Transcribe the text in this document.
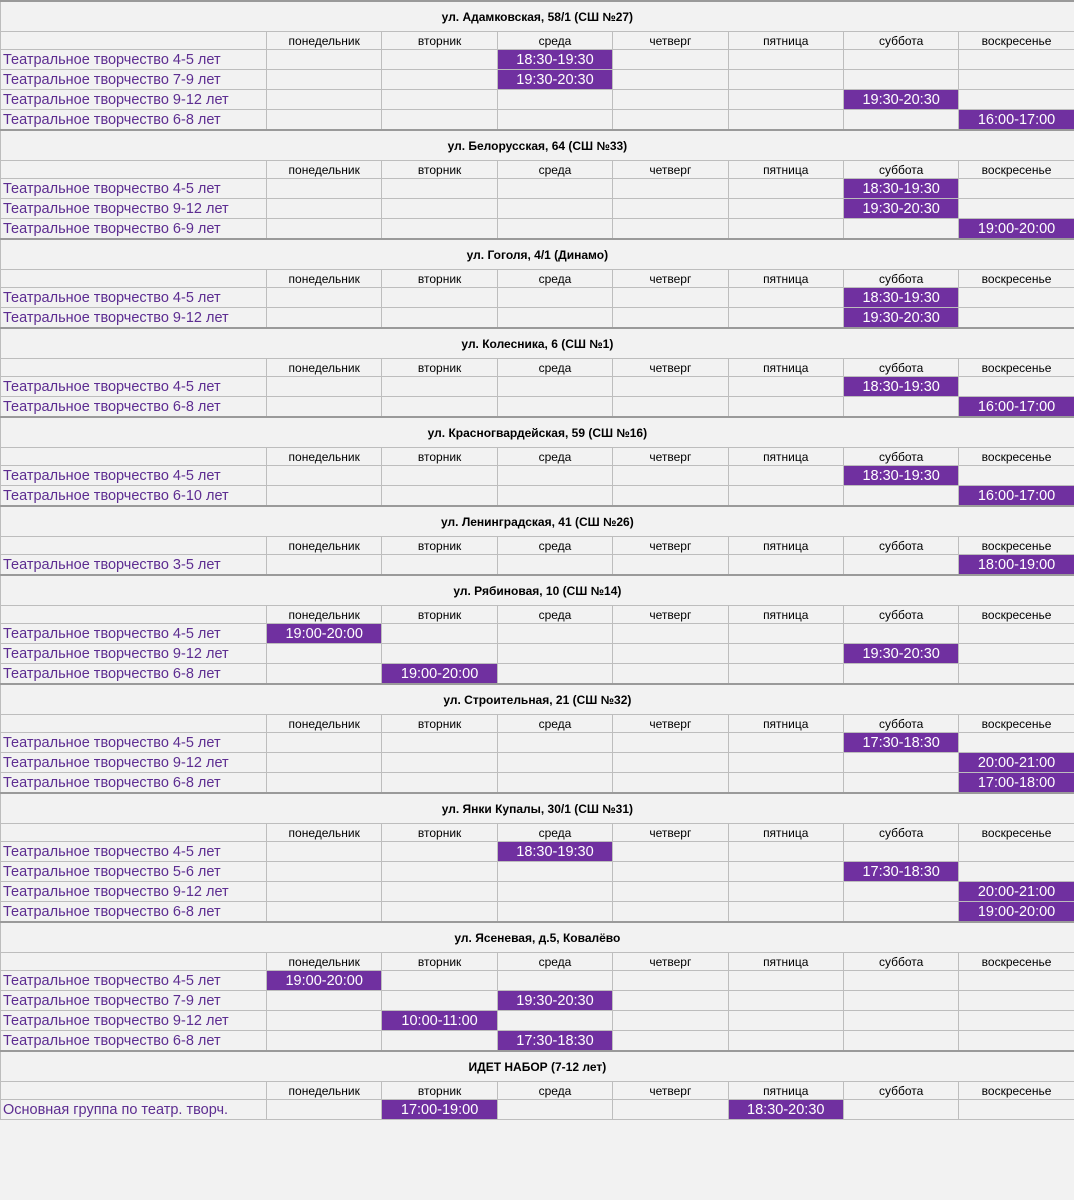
ул. Адамковская, 58/1 (СШ №27)							
	понедельник	вторник	среда	четверг	пятница	суббота	воскресенье
Театральное творчество 4-5 лет			18:30-19:30				
Театральное творчество 7-9 лет			19:30-20:30				
Театральное творчество 9-12 лет						19:30-20:30	
Театральное творчество 6-8 лет							16:00-17:00
ул. Белорусская, 64 (СШ №33)							
	понедельник	вторник	среда	четверг	пятница	суббота	воскресенье
Театральное творчество 4-5 лет						18:30-19:30	
Театральное творчество 9-12 лет						19:30-20:30	
Театральное творчество 6-9 лет							19:00-20:00
ул. Гоголя, 4/1 (Динамо)							
	понедельник	вторник	среда	четверг	пятница	суббота	воскресенье
Театральное творчество 4-5 лет						18:30-19:30	
Театральное творчество 9-12 лет						19:30-20:30	
ул. Колесника, 6 (СШ №1)							
	понедельник	вторник	среда	четверг	пятница	суббота	воскресенье
Театральное творчество 4-5 лет						18:30-19:30	
Театральное творчество 6-8 лет							16:00-17:00
ул. Красногвардейская, 59 (СШ №16)							
	понедельник	вторник	среда	четверг	пятница	суббота	воскресенье
Театральное творчество 4-5 лет						18:30-19:30	
Театральное творчество 6-10 лет							16:00-17:00
ул. Ленинградская, 41 (СШ №26)							
	понедельник	вторник	среда	четверг	пятница	суббота	воскресенье
Театральное творчество 3-5 лет							18:00-19:00
ул. Рябиновая, 10 (СШ №14)							
	понедельник	вторник	среда	четверг	пятница	суббота	воскресенье
Театральное творчество 4-5 лет	19:00-20:00						
Театральное творчество 9-12 лет						19:30-20:30	
Театральное творчество 6-8 лет		19:00-20:00					
ул. Строительная, 21 (СШ №32)							
	понедельник	вторник	среда	четверг	пятница	суббота	воскресенье
Театральное творчество 4-5 лет						17:30-18:30	
Театральное творчество 9-12 лет							20:00-21:00
Театральное творчество 6-8 лет							17:00-18:00
ул. Янки Купалы, 30/1 (СШ №31)							
	понедельник	вторник	среда	четверг	пятница	суббота	воскресенье
Театральное творчество 4-5 лет			18:30-19:30				
Театральное творчество 5-6 лет						17:30-18:30	
Театральное творчество 9-12 лет							20:00-21:00
Театральное творчество 6-8 лет							19:00-20:00
ул. Ясеневая, д.5, Ковалёво							
	понедельник	вторник	среда	четверг	пятница	суббота	воскресенье
Театральное творчество 4-5 лет	19:00-20:00						
Театральное творчество 7-9 лет			19:30-20:30				
Театральное творчество 9-12 лет		10:00-11:00					
Театральное творчество 6-8 лет			17:30-18:30				
ИДЕТ НАБОР (7-12 лет)							
	понедельник	вторник	среда	четверг	пятница	суббота	воскресенье
Основная группа по театр. творч.		17:00-19:00			18:30-20:30		
